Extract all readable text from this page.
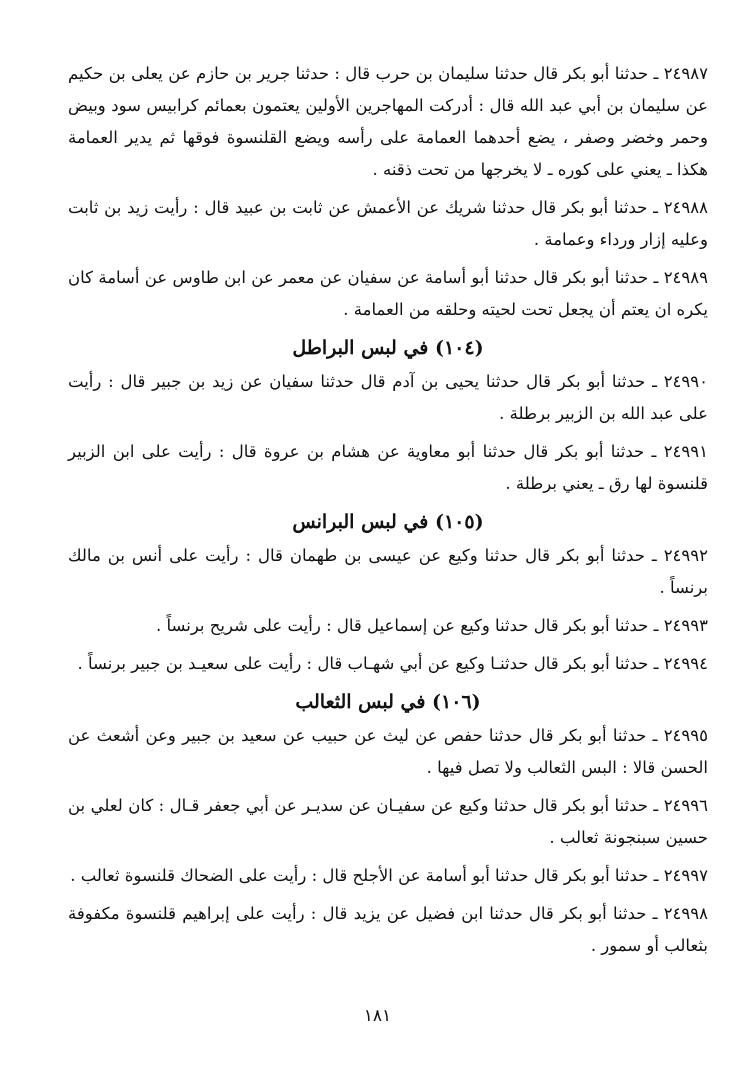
٢٤٩٨٧ ـ حدثنا أبو بكر قال حدثنا سليمان بن حرب قال : حدثنا جرير بن حازم عن يعلى بن حكيم عن سليمان بن أبي عبد الله قال : أدركت المهاجرين الأولين يعتمون بعمائم كرابيس سود وبيض وحمر وخضر وصفر ، يضع أحدهما العمامة على رأسه ويضع القلنسوة فوقها ثم يدير العمامة هكذا ـ يعني على كوره ـ لا يخرجها من تحت ذقنه .

٢٤٩٨٨ ـ حدثنا أبو بكر قال حدثنا شريك عن الأعمش عن ثابت بن عبيد قال : رأيت زيد بن ثابت وعليه إزار ورداء وعمامة .

٢٤٩٨٩ ـ حدثنا أبو بكر قال حدثنا أبو أسامة عن سفيان عن معمر عن ابن طاوس عن أسامة كان يكره ان يعتم أن يجعل تحت لحيته وحلقه من العمامة .

(١٠٤) في لبس البراطل

٢٤٩٩٠ ـ حدثنا أبو بكر قال حدثنا يحيى بن آدم قال حدثنا سفيان عن زيد بن جبير قال : رأيت على عبد الله بن الزبير برطلة .

٢٤٩٩١ ـ حدثنا أبو بكر قال حدثنا أبو معاوية عن هشام بن عروة قال : رأيت على ابن الزبير قلنسوة لها رق ـ يعني برطلة .

(١٠٥) في لبس البرانس

٢٤٩٩٢ ـ حدثنا أبو بكر قال حدثنا وكيع عن عيسى بن طهمان قال : رأيت على أنس بن مالك برنساً .

٢٤٩٩٣ ـ حدثنا أبو بكر قال حدثنا وكيع عن إسماعيل قال : رأيت على شريح برنساً .

٢٤٩٩٤ ـ حدثنا أبو بكر قال حدثنـا وكيع عن أبي شهـاب قال : رأيت على سعيـد بن جبير برنساً .

(١٠٦) في لبس الثعالب

٢٤٩٩٥ ـ حدثنا أبو بكر قال حدثنا حفص عن ليث عن حبيب عن سعيد بن جبير وعن أشعث عن الحسن قالا : البس الثعالب ولا تصل فيها .

٢٤٩٩٦ ـ حدثنا أبو بكر قال حدثنا وكيع عن سفيـان عن سديـر عن أبي جعفر قـال : كان لعلي بن حسين سبنجونة ثعالب .

٢٤٩٩٧ ـ حدثنا أبو بكر قال حدثنا أبو أسامة عن الأجلح قال : رأيت على الضحاك قلنسوة ثعالب .

٢٤٩٩٨ ـ حدثنا أبو بكر قال حدثنا ابن فضيل عن يزيد قال : رأيت على إبراهيم قلنسوة مكفوفة بثعالب أو سمور .

١٨١
